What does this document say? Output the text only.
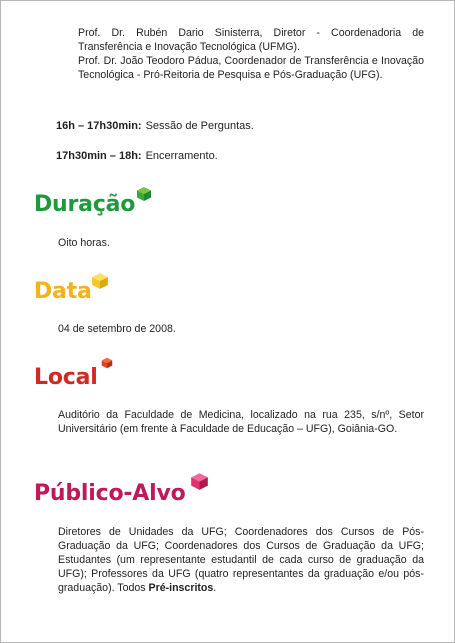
Prof. Dr. Rubén Dario Sinisterra, Diretor - Coordenadoria de Transferência e Inovação Tecnológica (UFMG).

Prof. Dr. João Teodoro Pádua, Coordenador de Transferência e Inovação Tecnológica - Pró-Reitoria de Pesquisa e Pós-Graduação (UFG).

16h – 17h30min: Sessão de Perguntas.
17h30min – 18h: Encerramento.
Duração
Oito horas.
Data
04 de setembro de 2008.
Local
Auditório da Faculdade de Medicina, localizado na rua 235, s/nº, Setor Universitário (em frente à Faculdade de Educação – UFG), Goiânia-GO.
Público-Alvo
Diretores de Unidades da UFG; Coordenadores dos Cursos de Pós-Graduação da UFG; Coordenadores dos Cursos de Graduação da UFG; Estudantes (um representante estudantil de cada curso de graduação da UFG); Professores da UFG (quatro representantes da graduação e/ou pós-graduação). Todos Pré-inscritos.
